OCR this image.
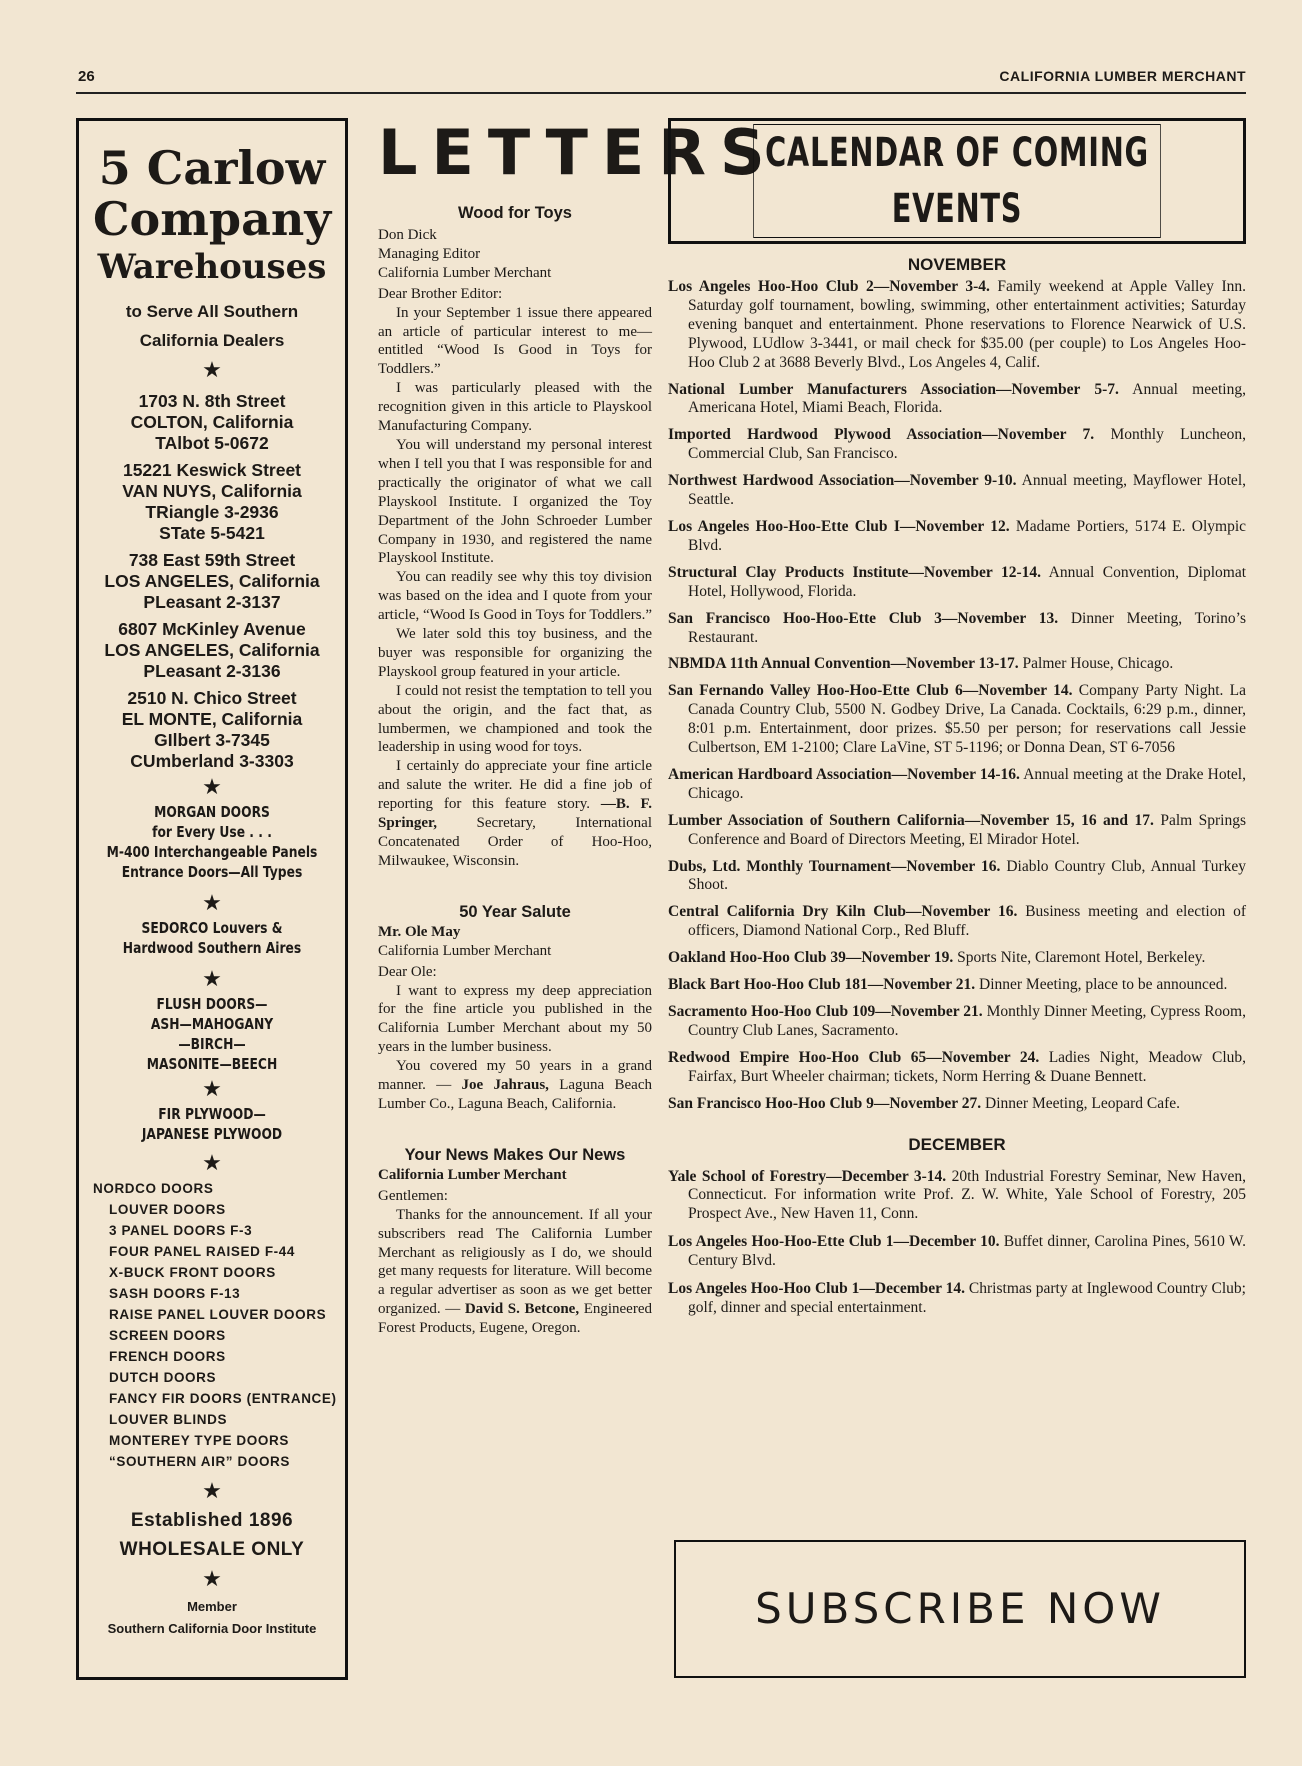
26	CALIFORNIA LUMBER MERCHANT
5 Carlow
Company
Warehouses
to Serve All Southern
California Dealers
★
1703 N. 8th Street
COLTON, California
TAlbot 5-0672
15221 Keswick Street
VAN NUYS, California
TRiangle 3-2936
STate 5-5421
738 East 59th Street
LOS ANGELES, California
PLeasant 2-3137
6807 McKinley Avenue
LOS ANGELES, California
PLeasant 2-3136
2510 N. Chico Street
EL MONTE, California
GIlbert 3-7345
CUmberland 3-3303
★
MORGAN DOORS
for Every Use . . .
M-400 Interchangeable Panels
Entrance Doors—All Types
★
SEDORCO Louvers &
Hardwood Southern Aires
★
FLUSH DOORS—
ASH—MAHOGANY
—BIRCH—
MASONITE—BEECH
★
FIR PLYWOOD—
JAPANESE PLYWOOD
★
NORDCO DOORS
LOUVER DOORS
3 PANEL DOORS F-3
FOUR PANEL RAISED F-44
X-BUCK FRONT DOORS
SASH DOORS F-13
RAISE PANEL LOUVER DOORS
SCREEN DOORS
FRENCH DOORS
DUTCH DOORS
FANCY FIR DOORS (ENTRANCE)
LOUVER BLINDS
MONTEREY TYPE DOORS
“SOUTHERN AIR” DOORS
★
Established 1896
WHOLESALE ONLY
★
Member
Southern California Door Institute
LETTERS
Wood for Toys

Don Dick

Managing Editor

California Lumber Merchant

Dear Brother Editor:

In your September 1 issue there appeared an article of particular interest to me—entitled “Wood Is Good in Toys for Toddlers.”

I was particularly pleased with the recognition given in this article to Playskool Manufacturing Company.

You will understand my personal interest when I tell you that I was responsible for and practically the originator of what we call Playskool Institute. I organized the Toy Department of the John Schroeder Lumber Company in 1930, and registered the name Playskool Institute.

You can readily see why this toy division was based on the idea and I quote from your article, “Wood Is Good in Toys for Toddlers.”

We later sold this toy business, and the buyer was responsible for organizing the Playskool group featured in your article.

I could not resist the temptation to tell you about the origin, and the fact that, as lumbermen, we championed and took the leadership in using wood for toys.

I certainly do appreciate your fine article and salute the writer. He did a fine job of reporting for this feature story. —B. F. Springer, Secretary, International Concatenated Order of Hoo-Hoo, Milwaukee, Wisconsin.

50 Year Salute

Mr. Ole May

California Lumber Merchant

Dear Ole:

I want to express my deep appreciation for the fine article you published in the California Lumber Merchant about my 50 years in the lumber business.

You covered my 50 years in a grand manner. — Joe Jahraus, Laguna Beach Lumber Co., Laguna Beach, California.

Your News Makes Our News

California Lumber Merchant

Gentlemen:

Thanks for the announcement. If all your subscribers read The California Lumber Merchant as religiously as I do, we should get many requests for literature. Will become a regular advertiser as soon as we get better organized. — David S. Betcone, Engineered Forest Products, Eugene, Oregon.

CALENDAR OF COMING EVENTS
NOVEMBER

Los Angeles Hoo-Hoo Club 2—November 3-4. Family weekend at Apple Valley Inn. Saturday golf tournament, bowling, swimming, other entertainment activities; Saturday evening banquet and entertainment. Phone reservations to Florence Nearwick of U.S. Plywood, LUdlow 3-3441, or mail check for $35.00 (per couple) to Los Angeles Hoo-Hoo Club 2 at 3688 Beverly Blvd., Los Angeles 4, Calif.

National Lumber Manufacturers Association—November 5-7. Annual meeting, Americana Hotel, Miami Beach, Florida.

Imported Hardwood Plywood Association—November 7. Monthly Luncheon, Commercial Club, San Francisco.

Northwest Hardwood Association—November 9-10. Annual meeting, Mayflower Hotel, Seattle.

Los Angeles Hoo-Hoo-Ette Club I—November 12. Madame Portiers, 5174 E. Olympic Blvd.

Structural Clay Products Institute—November 12-14. Annual Convention, Diplomat Hotel, Hollywood, Florida.

San Francisco Hoo-Hoo-Ette Club 3—November 13. Dinner Meeting, Torino’s Restaurant.

NBMDA 11th Annual Convention—November 13-17. Palmer House, Chicago.

San Fernando Valley Hoo-Hoo-Ette Club 6—November 14. Company Party Night. La Canada Country Club, 5500 N. Godbey Drive, La Canada. Cocktails, 6:29 p.m., dinner, 8:01 p.m. Entertainment, door prizes. $5.50 per person; for reservations call Jessie Culbertson, EM 1-2100; Clare LaVine, ST 5-1196; or Donna Dean, ST 6-7056

American Hardboard Association—November 14-16. Annual meeting at the Drake Hotel, Chicago.

Lumber Association of Southern California—November 15, 16 and 17. Palm Springs Conference and Board of Directors Meeting, El Mirador Hotel.

Dubs, Ltd. Monthly Tournament—November 16. Diablo Country Club, Annual Turkey Shoot.

Central California Dry Kiln Club—November 16. Business meeting and election of officers, Diamond National Corp., Red Bluff.

Oakland Hoo-Hoo Club 39—November 19. Sports Nite, Claremont Hotel, Berkeley.

Black Bart Hoo-Hoo Club 181—November 21. Dinner Meeting, place to be announced.

Sacramento Hoo-Hoo Club 109—November 21. Monthly Dinner Meeting, Cypress Room, Country Club Lanes, Sacramento.

Redwood Empire Hoo-Hoo Club 65—November 24. Ladies Night, Meadow Club, Fairfax, Burt Wheeler chairman; tickets, Norm Herring & Duane Bennett.

San Francisco Hoo-Hoo Club 9—November 27. Dinner Meeting, Leopard Cafe.

DECEMBER

Yale School of Forestry—December 3-14. 20th Industrial Forestry Seminar, New Haven, Connecticut. For information write Prof. Z. W. White, Yale School of Forestry, 205 Prospect Ave., New Haven 11, Conn.

Los Angeles Hoo-Hoo-Ette Club 1—December 10. Buffet dinner, Carolina Pines, 5610 W. Century Blvd.

Los Angeles Hoo-Hoo Club 1—December 14. Christmas party at Inglewood Country Club; golf, dinner and special entertainment.

SUBSCRIBE NOW
